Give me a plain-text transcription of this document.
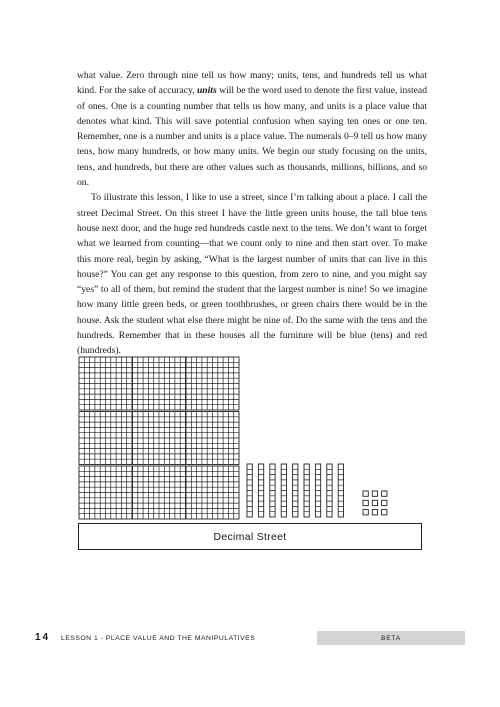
what value. Zero through nine tell us how many; units, tens, and hundreds tell us what kind. For the sake of accuracy, units will be the word used to denote the first value, instead of ones. One is a counting number that tells us how many, and units is a place value that denotes what kind. This will save potential confusion when saying ten ones or one ten. Remember, one is a number and units is a place value. The numerals 0–9 tell us how many tens, how many hundreds, or how many units. We begin our study focusing on the units, tens, and hundreds, but there are other values such as thousands, millions, billions, and so on.

To illustrate this lesson, I like to use a street, since I’m talking about a place. I call the street Decimal Street. On this street I have the little green units house, the tall blue tens house next door, and the huge red hundreds castle next to the tens. We don’t want to forget what we learned from counting—that we count only to nine and then start over. To make this more real, begin by asking, “What is the largest number of units that can live in this house?” You can get any response to this question, from zero to nine, and you might say “yes” to all of them, but remind the student that the largest number is nine! So we imagine how many little green beds, or green toothbrushes, or green chairs there would be in the house. Ask the student what else there might be nine of. Do the same with the tens and the hundreds. Remember that in these houses all the furniture will be blue (tens) and red (hundreds).

Decimal Street
14 LESSON 1 - PLACE VALUE AND THE MANIPULATIVES	BETA
